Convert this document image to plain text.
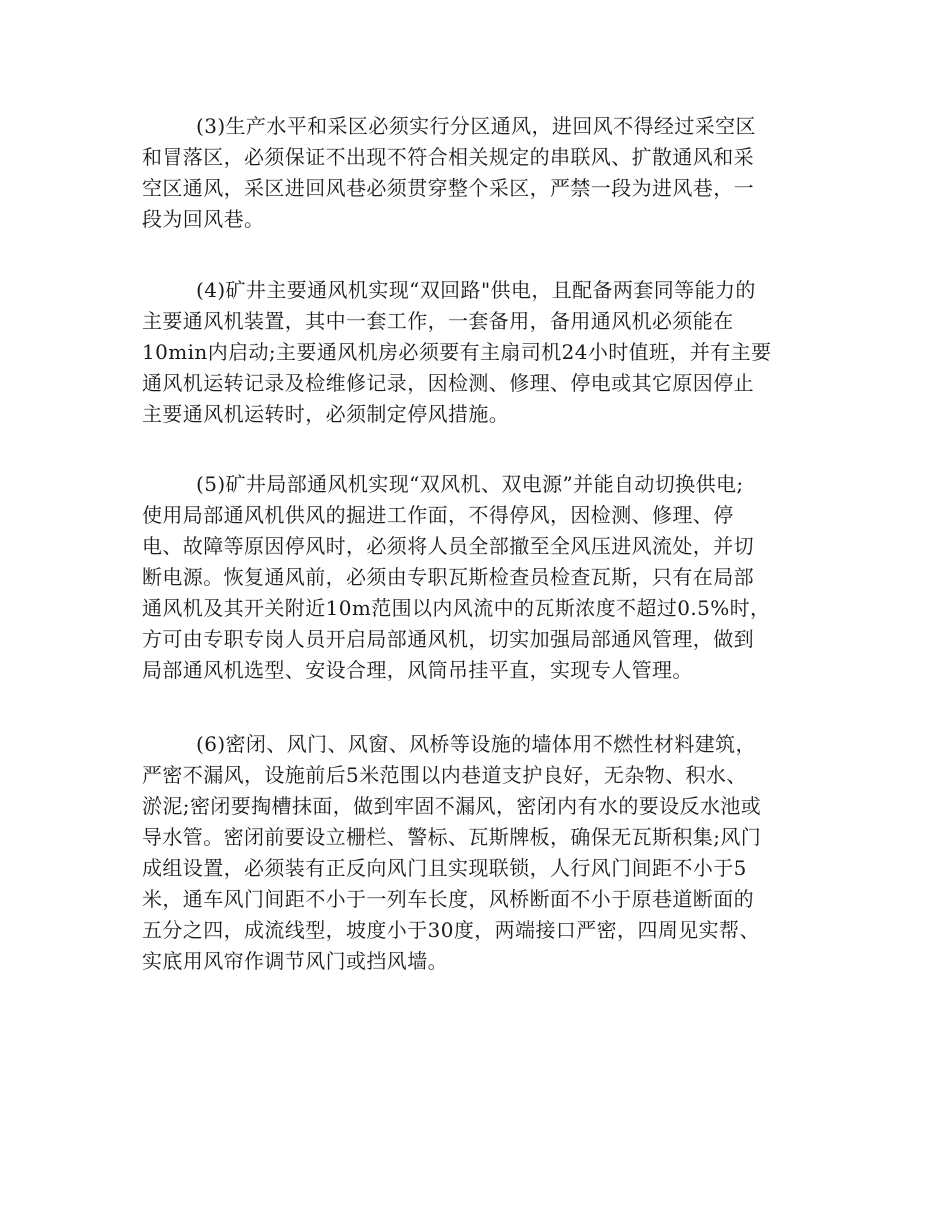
(3)生产水平和采区必须实行分区通风，进回风不得经过采空区
和冒落区，必须保证不出现不符合相关规定的串联风、扩散通风和采
空区通风，采区进回风巷必须贯穿整个采区，严禁一段为进风巷，一
段为回风巷。
(4)矿井主要通风机实现“双回路"供电，且配备两套同等能力的
主要通风机装置，其中一套工作，一套备用，备用通风机必须能在
10min内启动;主要通风机房必须要有主扇司机24小时值班，并有主要
通风机运转记录及检维修记录，因检测、修理、停电或其它原因停止
主要通风机运转时，必须制定停风措施。
(5)矿井局部通风机实现“双风机、双电源”并能自动切换供电;
使用局部通风机供风的掘进工作面，不得停风，因检测、修理、停
电、故障等原因停风时，必须将人员全部撤至全风压进风流处，并切
断电源。恢复通风前，必须由专职瓦斯检查员检查瓦斯，只有在局部
通风机及其开关附近10m范围以内风流中的瓦斯浓度不超过0.5%时，
方可由专职专岗人员开启局部通风机，切实加强局部通风管理，做到
局部通风机选型、安设合理，风筒吊挂平直，实现专人管理。
(6)密闭、风门、风窗、风桥等设施的墙体用不燃性材料建筑，
严密不漏风，设施前后5米范围以内巷道支护良好，无杂物、积水、
淤泥;密闭要掏槽抹面，做到牢固不漏风，密闭内有水的要设反水池或
导水管。密闭前要设立栅栏、警标、瓦斯牌板，确保无瓦斯积集;风门
成组设置，必须装有正反向风门且实现联锁，人行风门间距不小于5
米，通车风门间距不小于一列车长度，风桥断面不小于原巷道断面的
五分之四，成流线型，坡度小于30度，两端接口严密，四周见实帮、
实底用风帘作调节风门或挡风墙。
